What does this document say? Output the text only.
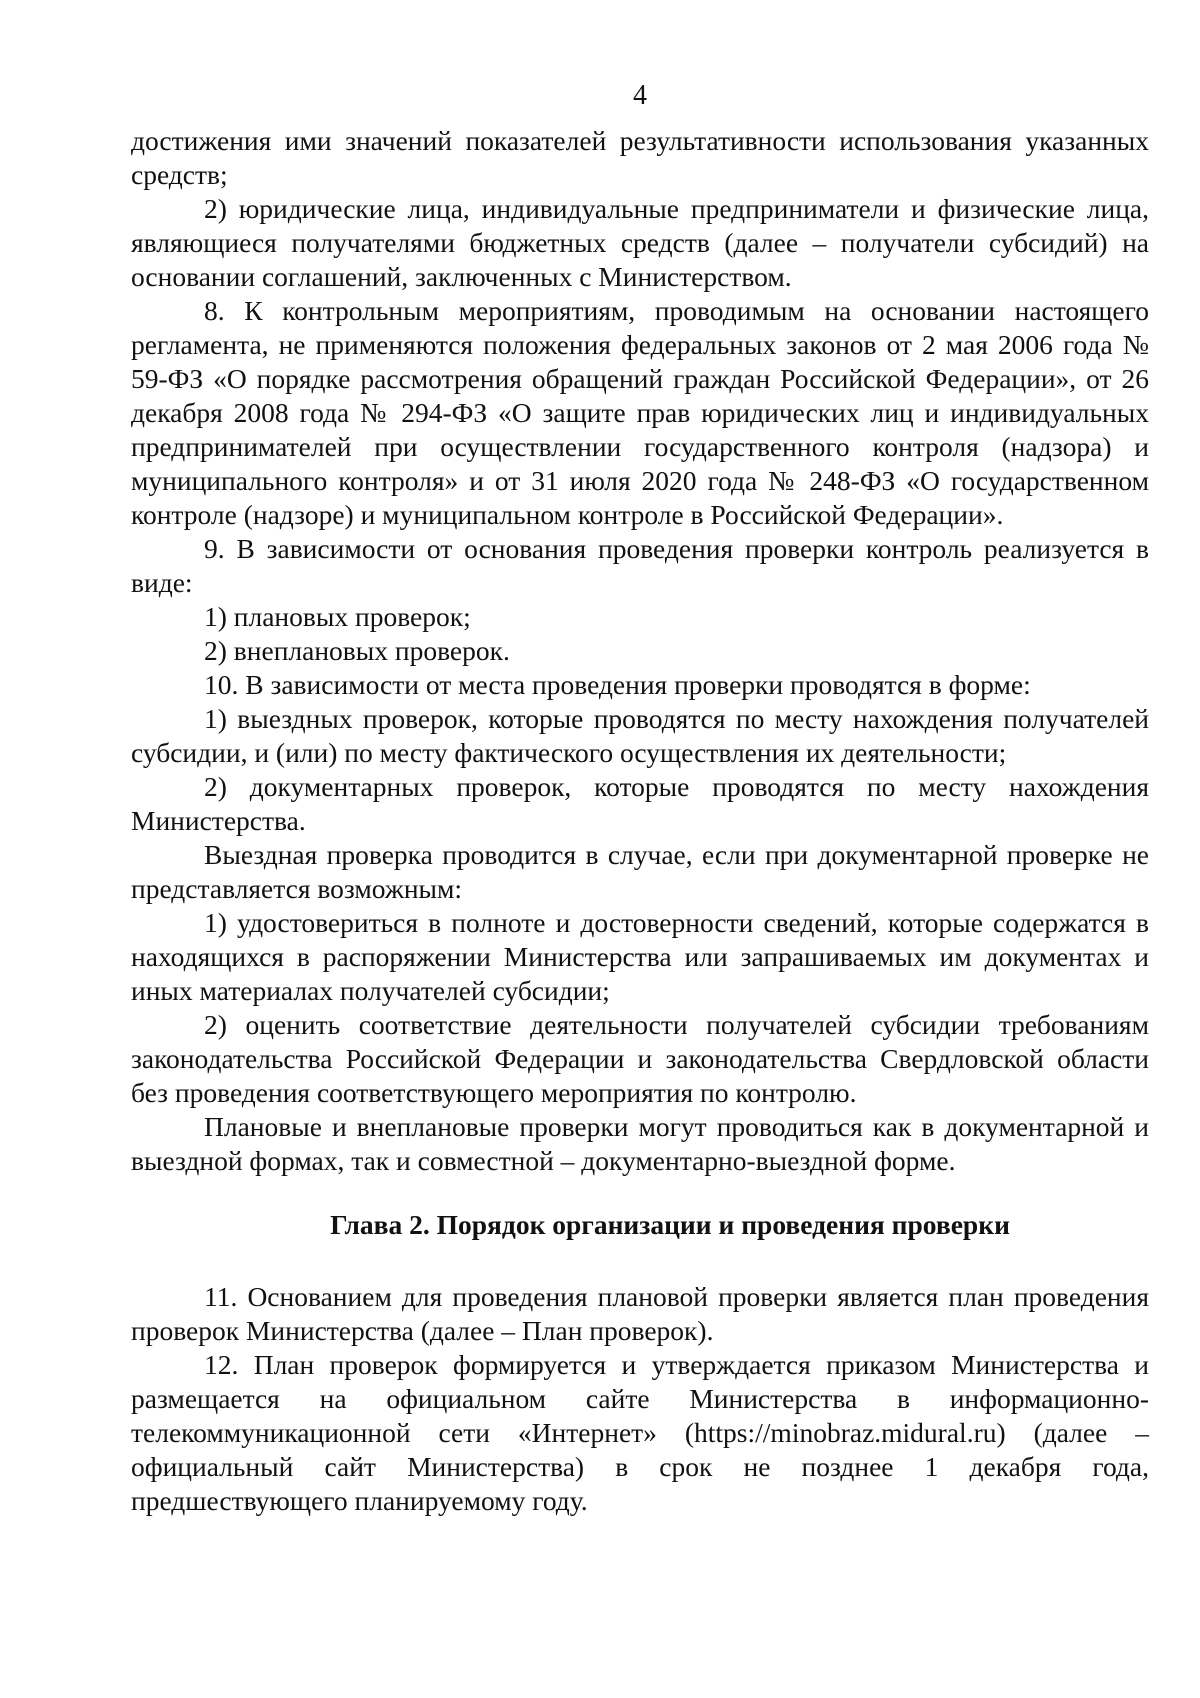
4

достижения ими значений показателей результативности использования указанных средств;

2) юридические лица, индивидуальные предприниматели и физические лица, являющиеся получателями бюджетных средств (далее – получатели субсидий) на основании соглашений, заключенных с Министерством.

8. К контрольным мероприятиям, проводимым на основании настоящего регламента, не применяются положения федеральных законов от 2 мая 2006 года № 59-ФЗ «О порядке рассмотрения обращений граждан Российской Федерации», от 26 декабря 2008 года № 294-ФЗ «О защите прав юридических лиц и индивидуальных предпринимателей при осуществлении государственного контроля (надзора) и муниципального контроля» и от 31 июля 2020 года № 248-ФЗ «О государственном контроле (надзоре) и муниципальном контроле в Российской Федерации».

9. В зависимости от основания проведения проверки контроль реализуется в виде:

1) плановых проверок;

2) внеплановых проверок.

10. В зависимости от места проведения проверки проводятся в форме:

1) выездных проверок, которые проводятся по месту нахождения получателей субсидии, и (или) по месту фактического осуществления их деятельности;

2) документарных проверок, которые проводятся по месту нахождения Министерства.

Выездная проверка проводится в случае, если при документарной проверке не представляется возможным:

1) удостовериться в полноте и достоверности сведений, которые содержатся в находящихся в распоряжении Министерства или запрашиваемых им документах и иных материалах получателей субсидии;

2) оценить соответствие деятельности получателей субсидии требованиям законодательства Российской Федерации и законодательства Свердловской области без проведения соответствующего мероприятия по контролю.

Плановые и внеплановые проверки могут проводиться как в документарной и выездной формах, так и совместной – документарно-выездной форме.

Глава 2. Порядок организации и проведения проверки

11. Основанием для проведения плановой проверки является план проведения проверок Министерства (далее – План проверок).

12. План проверок формируется и утверждается приказом Министерства и размещается на официальном сайте Министерства в информационно-телекоммуникационной сети «Интернет» (https://minobraz.midural.ru) (далее – официальный сайт Министерства) в срок не позднее 1 декабря года, предшествующего планируемому году.
